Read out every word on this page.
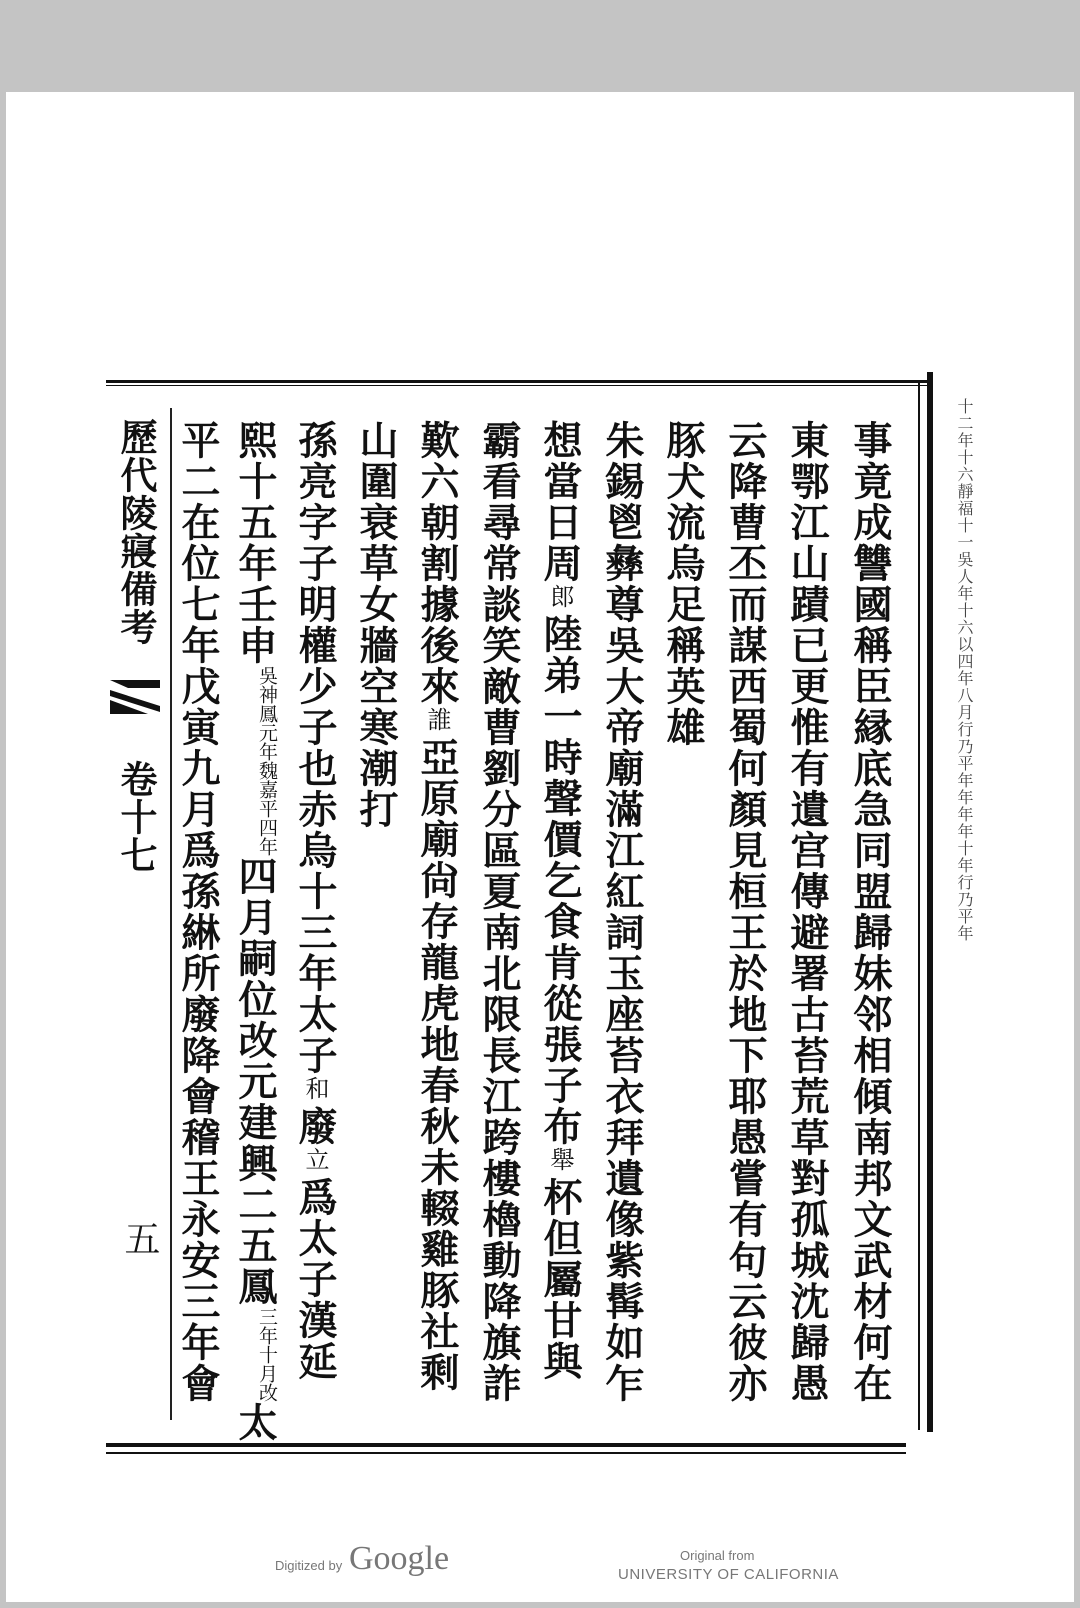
十二年十六靜福十一吳人年十六以四年八月行乃平年年年年十年行乃平年
事竟成讐國稱臣縁底急同盟歸妹邻相傾南邦文武材何在
東鄂江山蹟已更惟有遺宫傳避署古苔荒草對孤城沈歸愚
云降曹丕而謀西蜀何顏見桓王於地下耶愚嘗有句云彼亦
豚犬流烏足稱英雄
朱錫鬯彝尊吳大帝廟滿江紅詞玉座苔衣拜遺像紫髯如乍
想當日周郎陸弟一時聲價乞食肯從張子布舉杯但屬甘與
霸看尋常談笑敵曹劉分區夏南北限長江跨樓櫓動降旗詐
歎六朝割據後來誰亞原廟尙存龍虎地春秋未輟雞豚社剩
山圍衰草女牆空寒潮打
孫亮字子明權少子也赤烏十三年太子和廢立爲太子漢延
熙十五年壬申吳神鳳元年魏嘉平四年四月嗣位改元建興二五鳳三年十月改太
平二在位七年戊寅九月爲孫綝所廢降會稽王永安三年會
歷代陵寢備考
卷十七
五
Digitized by Google	Original from
UNIVERSITY OF CALIFORNIA
